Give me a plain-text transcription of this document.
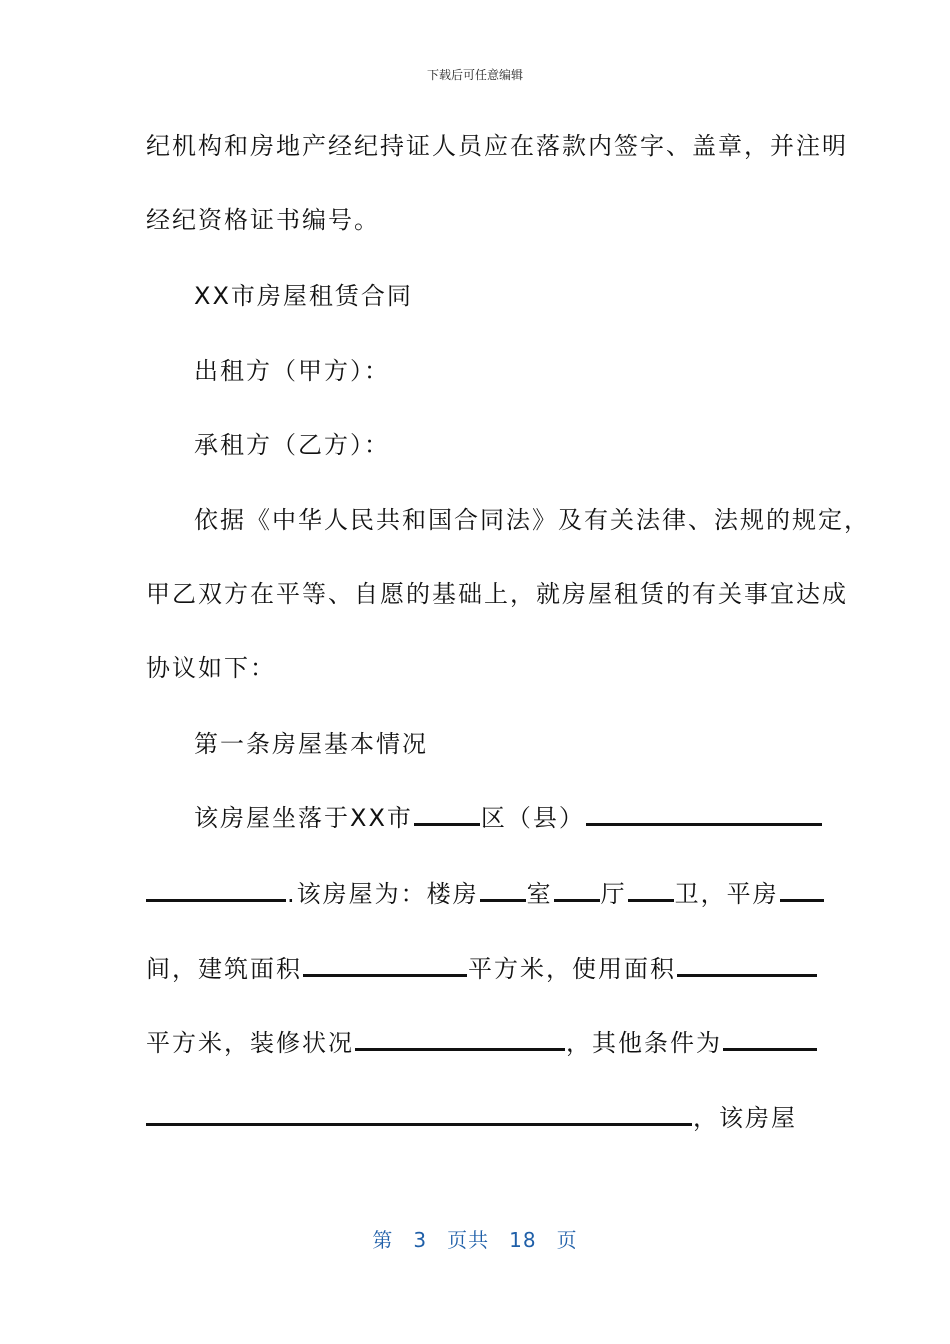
下载后可任意编辑
纪机构和房地产经纪持证人员应在落款内签字、盖章，并注明
经纪资格证书编号。
XX市房屋租赁合同
出租方（甲方）：
承租方（乙方）：
依据《中华人民共和国合同法》及有关法律、法规的规定，
甲乙双方在平等、自愿的基础上，就房屋租赁的有关事宜达成
协议如下：
第一条房屋基本情况
该房屋坐落于XX市	区（县）
.该房屋为：楼房 室 厅 卫，平房
间，建筑面积	平方米，使用面积
平方米，装修状况	，其他条件为
，该房屋
第 3 页共 18 页
